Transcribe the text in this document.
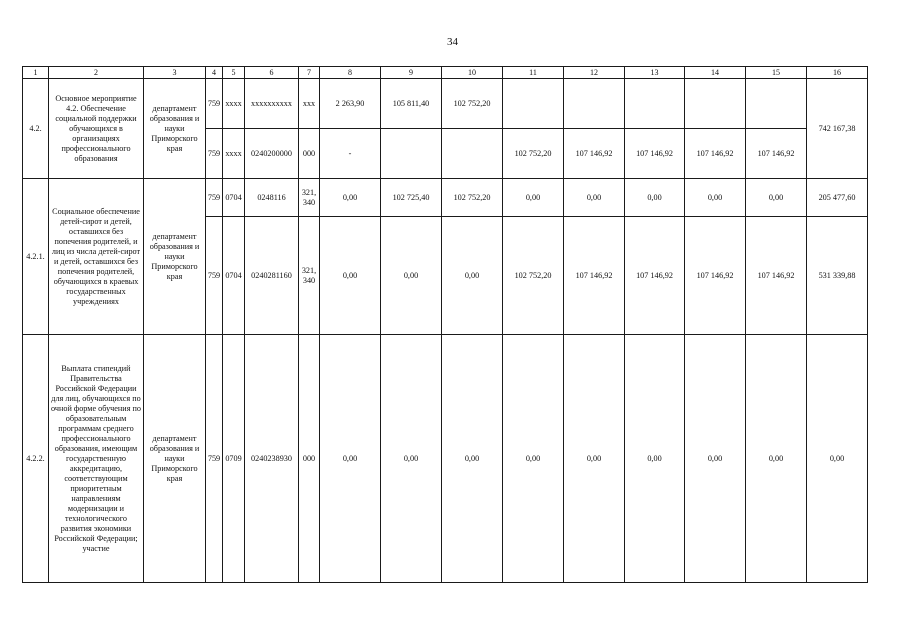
34
1	2	3	4	5	6	7	8	9	10	11	12	13	14	15	16
4.2.	Основное мероприятие 4.2. Обеспечение социальной поддержки обучающихся в организациях профессионального образования	департамент образования и науки Приморского края	759	xxxx	xxxxxxxxxx	xxx	2 263,90	105 811,40	102 752,20						742 167,38
			759	xxxx	0240200000	000	-			102 752,20	107 146,92	107 146,92	107 146,92	107 146,92	
4.2.1.	Социальное обеспечение детей-сирот и детей, оставшихся без попечения родителей, и лиц из числа детей-сирот и детей, оставшихся без попечения родителей, обучающихся в краевых государственных учреждениях	департамент образования и науки Приморского края	759	0704	0248116	321, 340	0,00	102 725,40	102 752,20	0,00	0,00	0,00	0,00	0,00	205 477,60
			759	0704	0240281160	321, 340	0,00	0,00	0,00	102 752,20	107 146,92	107 146,92	107 146,92	107 146,92	531 339,88
4.2.2.	Выплата стипендий Правительства Российской Федерации для лиц, обучающихся по очной форме обучения по образовательным программам среднего профессионального образования, имеющим государственную аккредитацию, соответствующим приоритетным направлениям модернизации и технологического развития экономики Российской Федерации; участие	департамент образования и науки Приморского края	759	0709	0240238930	000	0,00	0,00	0,00	0,00	0,00	0,00	0,00	0,00	0,00
